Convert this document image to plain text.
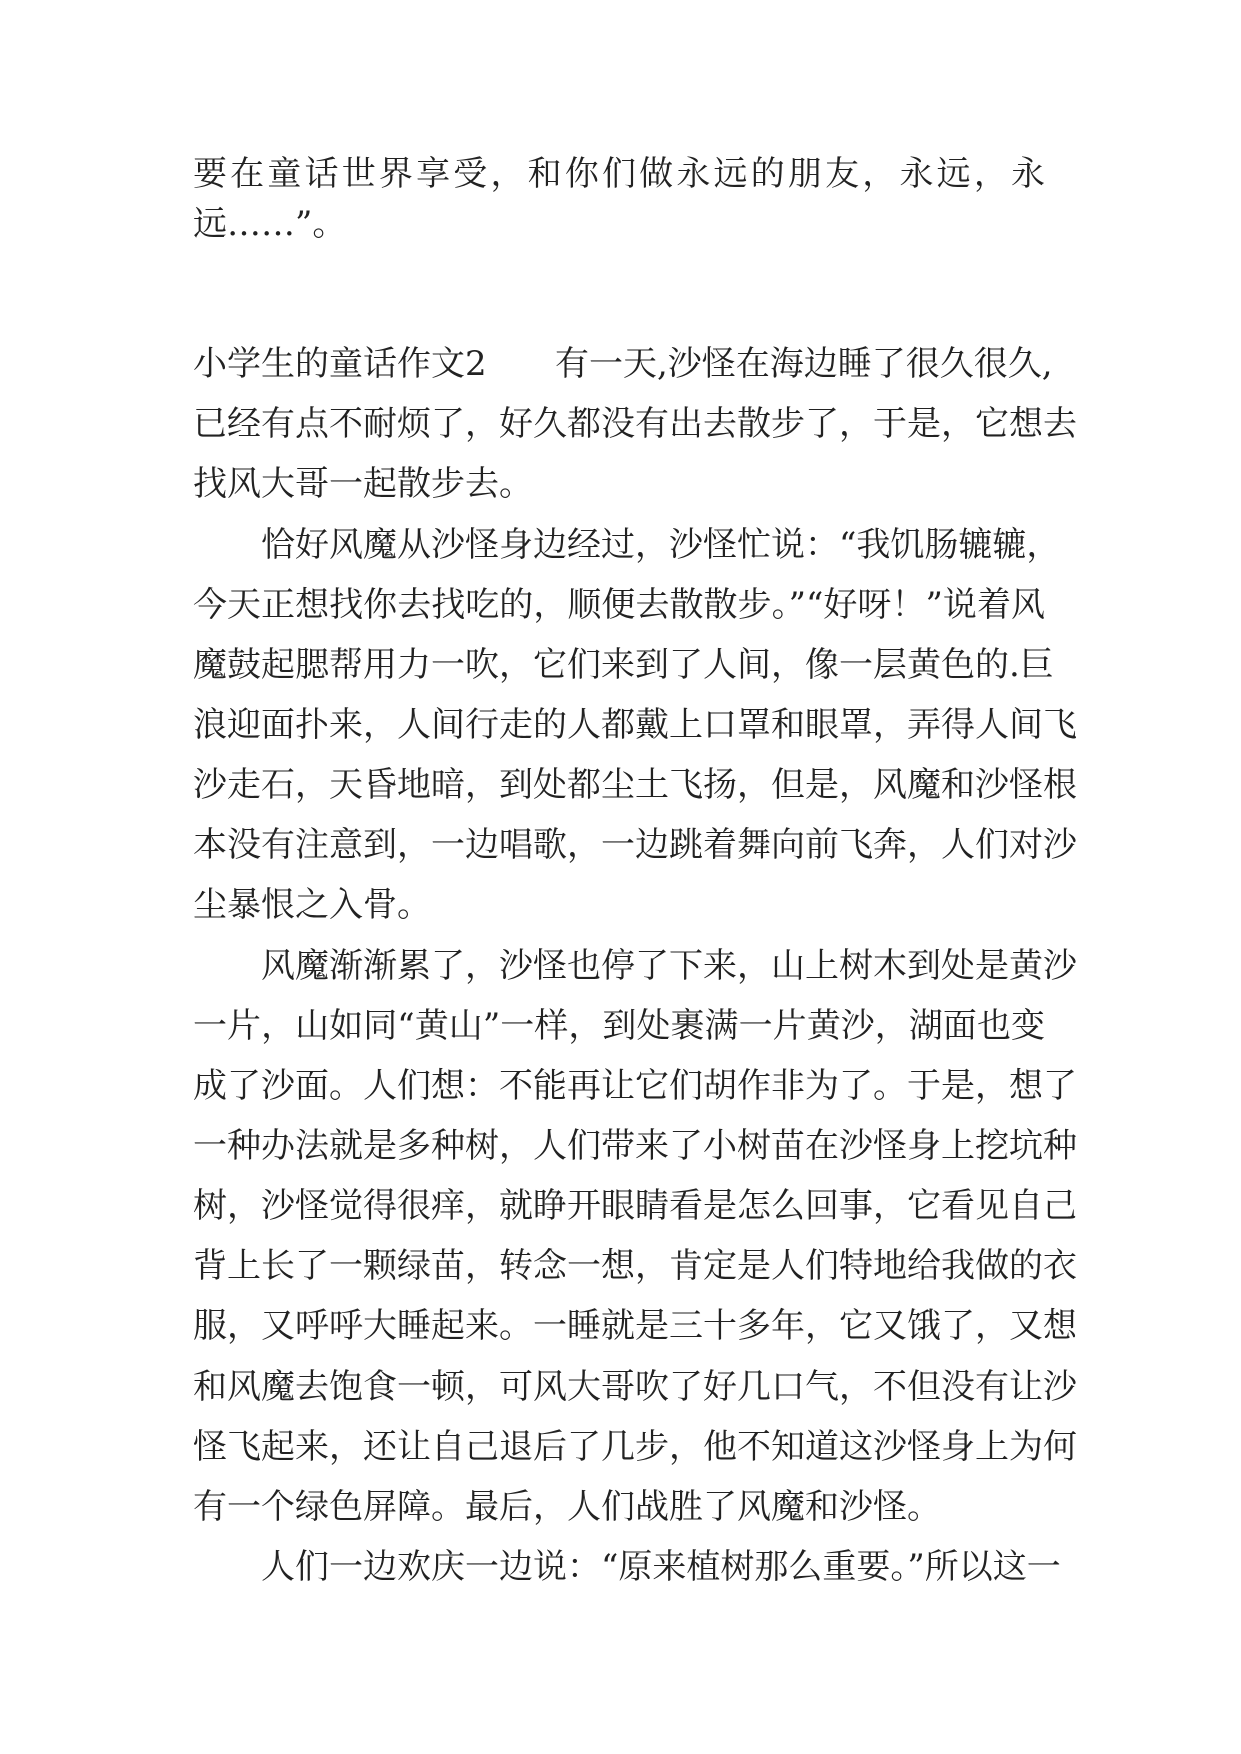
要在童话世界享受，和你们做永远的朋友，永远，永
远……”。
小学生的童话作文2 有一天,沙怪在海边睡了很久很久,
已经有点不耐烦了，好久都没有出去散步了，于是，它想去
找风大哥一起散步去。
　　恰好风魔从沙怪身边经过，沙怪忙说：“我饥肠辘辘，
今天正想找你去找吃的，顺便去散散步。”“好呀！”说着风
魔鼓起腮帮用力一吹，它们来到了人间，像一层黄色的.巨
浪迎面扑来，人间行走的人都戴上口罩和眼罩，弄得人间飞
沙走石，天昏地暗，到处都尘土飞扬，但是，风魔和沙怪根
本没有注意到，一边唱歌，一边跳着舞向前飞奔，人们对沙
尘暴恨之入骨。
　　风魔渐渐累了，沙怪也停了下来，山上树木到处是黄沙
一片，山如同“黄山”一样，到处裹满一片黄沙，湖面也变
成了沙面。人们想：不能再让它们胡作非为了。于是，想了
一种办法就是多种树，人们带来了小树苗在沙怪身上挖坑种
树，沙怪觉得很痒，就睁开眼睛看是怎么回事，它看见自己
背上长了一颗绿苗，转念一想，肯定是人们特地给我做的衣
服，又呼呼大睡起来。一睡就是三十多年，它又饿了，又想
和风魔去饱食一顿，可风大哥吹了好几口气，不但没有让沙
怪飞起来，还让自己退后了几步，他不知道这沙怪身上为何
有一个绿色屏障。最后，人们战胜了风魔和沙怪。
　　人们一边欢庆一边说：“原来植树那么重要。”所以这一
